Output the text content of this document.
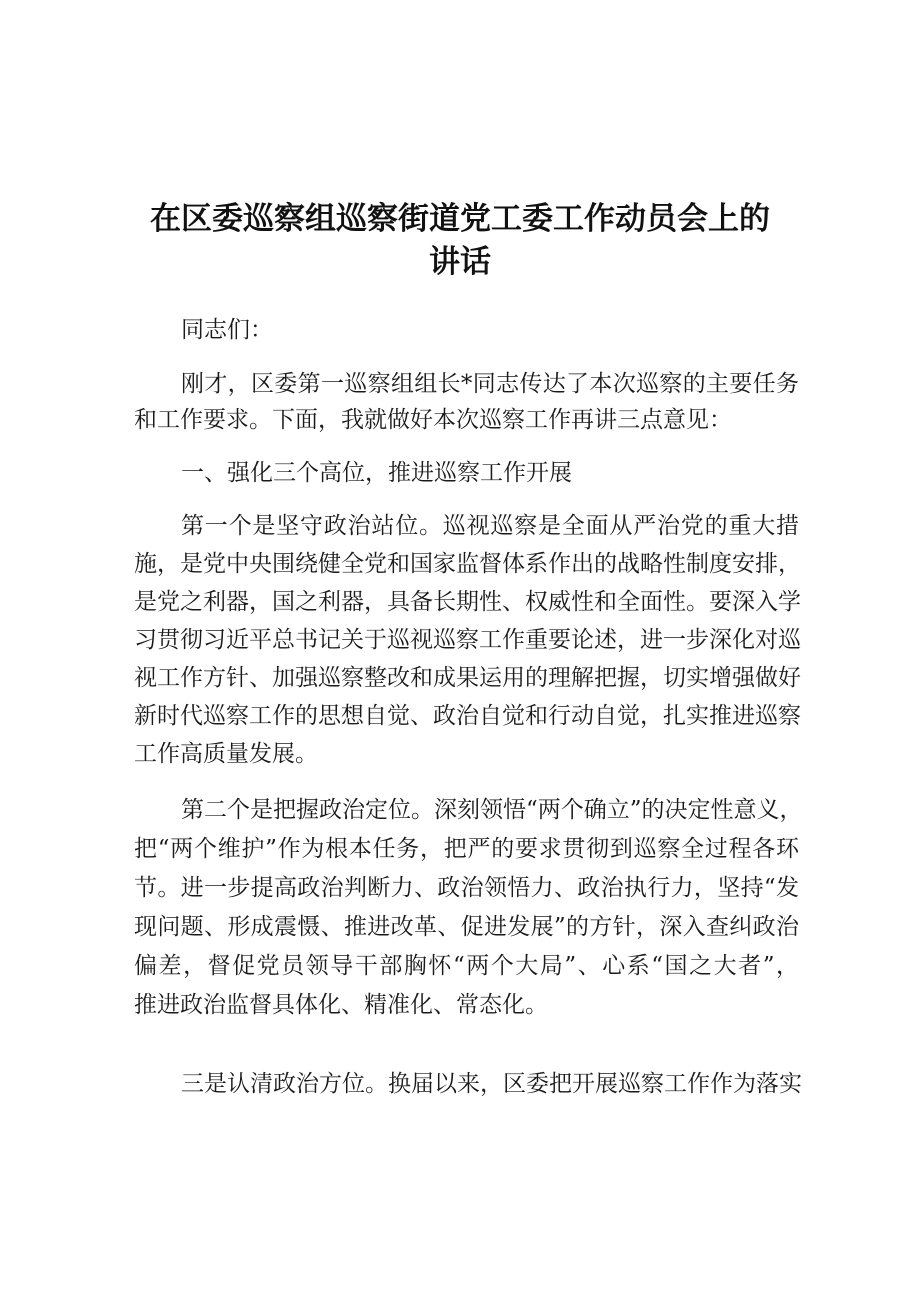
在区委巡察组巡察街道党工委工作动员会上的
讲话
同志们：
刚才，区委第一巡察组组长*同志传达了本次巡察的主要任务
和工作要求。下面，我就做好本次巡察工作再讲三点意见：
一、强化三个高位，推进巡察工作开展
第一个是坚守政治站位。巡视巡察是全面从严治党的重大措
施，是党中央围绕健全党和国家监督体系作出的战略性制度安排，
是党之利器，国之利器，具备长期性、权威性和全面性。要深入学
习贯彻习近平总书记关于巡视巡察工作重要论述，进一步深化对巡
视工作方针、加强巡察整改和成果运用的理解把握，切实增强做好
新时代巡察工作的思想自觉、政治自觉和行动自觉，扎实推进巡察
工作高质量发展。
第二个是把握政治定位。深刻领悟“两个确立”的决定性意义，
把“两个维护”作为根本任务，把严的要求贯彻到巡察全过程各环
节。进一步提高政治判断力、政治领悟力、政治执行力，坚持“发
现问题、形成震慑、推进改革、促进发展”的方针，深入查纠政治
偏差，督促党员领导干部胸怀“两个大局”、心系“国之大者”，
推进政治监督具体化、精准化、常态化。
三是认清政治方位。换届以来，区委把开展巡察工作作为落实
